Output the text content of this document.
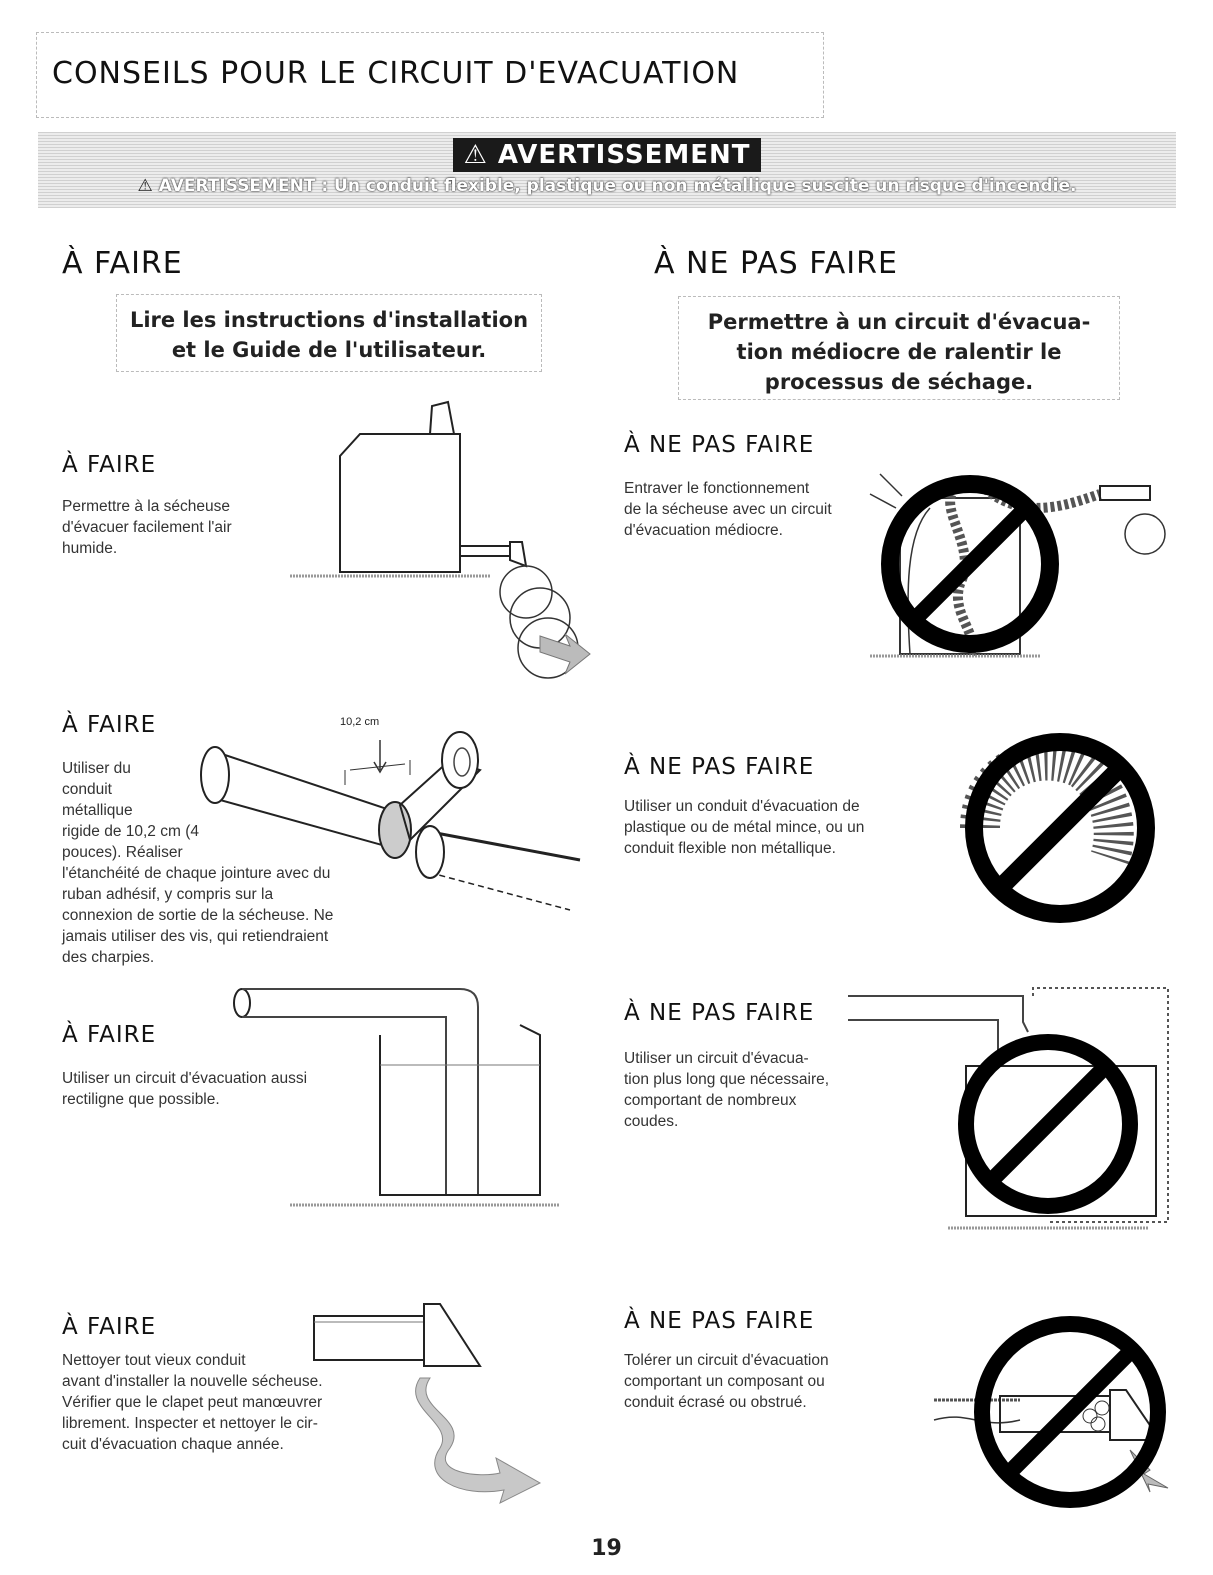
CONSEILS POUR LE CIRCUIT D'EVACUATION
⚠ AVERTISSEMENT
⚠ AVERTISSEMENT : Un conduit flexible, plastique ou non métallique suscite un risque d'incendie.
À FAIRE	À NE PAS FAIRE
Lire les instructions d'installation
et le Guide de l'utilisateur.
Permettre à un circuit d'évacua-
tion médiocre de ralentir le
processus de séchage.
À FAIRE
Permettre à la sécheuse d'évacuer facilement l'air humide.
À NE PAS FAIRE
Entraver le fonctionnement
de la sécheuse avec un circuit
d'évacuation médiocre.
À FAIRE
Utiliser du
conduit
métallique
rigide de 10,2 cm (4
pouces). Réaliser
l'étanchéité de chaque jointure avec du
ruban adhésif, y compris sur la
connexion de sortie de la sécheuse. Ne
jamais utiliser des vis, qui retiendraient
des charpies.
10,2 cm
À NE PAS FAIRE
Utiliser un conduit d'évacuation de
plastique ou de métal mince, ou un
conduit flexible non métallique.
À FAIRE
Utiliser un circuit d'évacuation aussi rectiligne que possible.
À NE PAS FAIRE
Utiliser un circuit d'évacua-
tion plus long que nécessaire,
comportant de nombreux
coudes.
À FAIRE
Nettoyer tout vieux conduit
avant d'installer la nouvelle sécheuse.
Vérifier que le clapet peut manœuvrer
librement. Inspecter et nettoyer le cir-
cuit d'évacuation chaque année.
À NE PAS FAIRE
Tolérer un circuit d'évacuation
comportant un composant ou
conduit écrasé ou obstrué.
19
